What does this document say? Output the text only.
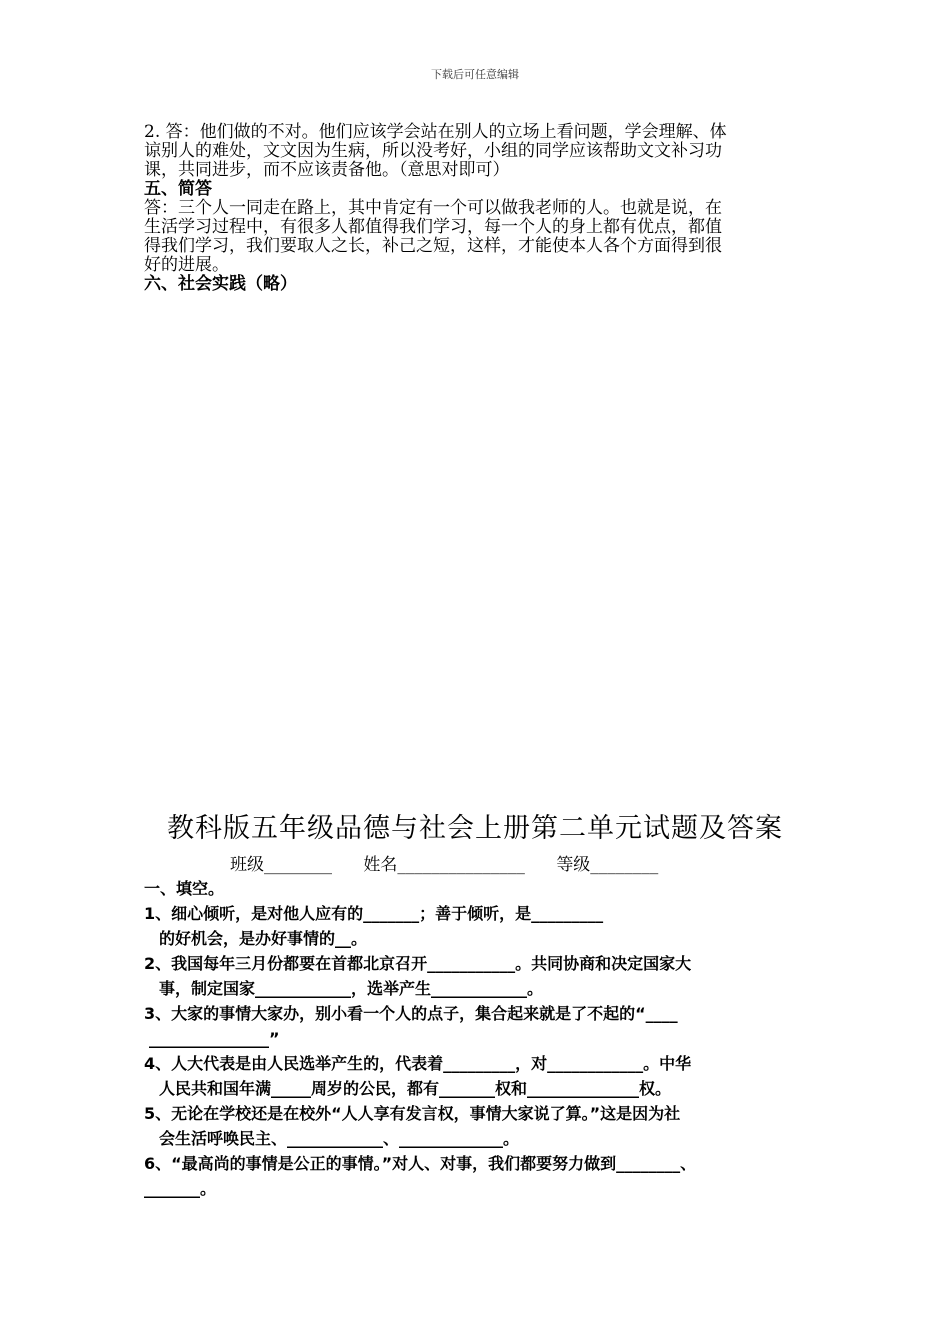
下载后可任意编辑

2. 答：他们做的不对。他们应该学会站在别人的立场上看问题，学会理解、体

谅别人的难处，文文因为生病，所以没考好，小组的同学应该帮助文文补习功

课，共同进步，而不应该责备他。（意思对即可）

五、简答

答：三个人一同走在路上，其中肯定有一个可以做我老师的人。也就是说，在

生活学习过程中，有很多人都值得我们学习，每一个人的身上都有优点，都值

得我们学习，我们要取人之长，补己之短，这样，才能使本人各个方面得到很

好的进展。

六、社会实践（略）

教科版五年级品德与社会上册第二单元试题及答案
班级________ 姓名_______________ 等级________
一、填空。
1、细心倾听，是对他人应有的_______；善于倾听，是_________
的好机会，是办好事情的__。
2、我国每年三月份都要在首都北京召开___________。共同协商和决定国家大
事，制定国家____________，选举产生____________。
3、大家的事情大家办，别小看一个人的点子，集合起来就是了不起的“____
_______________”
4、人大代表是由人民选举产生的，代表着_________，对____________。中华
人民共和国年满_____周岁的公民，都有_______权和______________权。
5、无论在学校还是在校外“人人享有发言权，事情大家说了算。”这是因为社
会生活呼唤民主、____________、_____________。
6、“最高尚的事情是公正的事情。”对人、对事，我们都要努力做到________、
_______。
